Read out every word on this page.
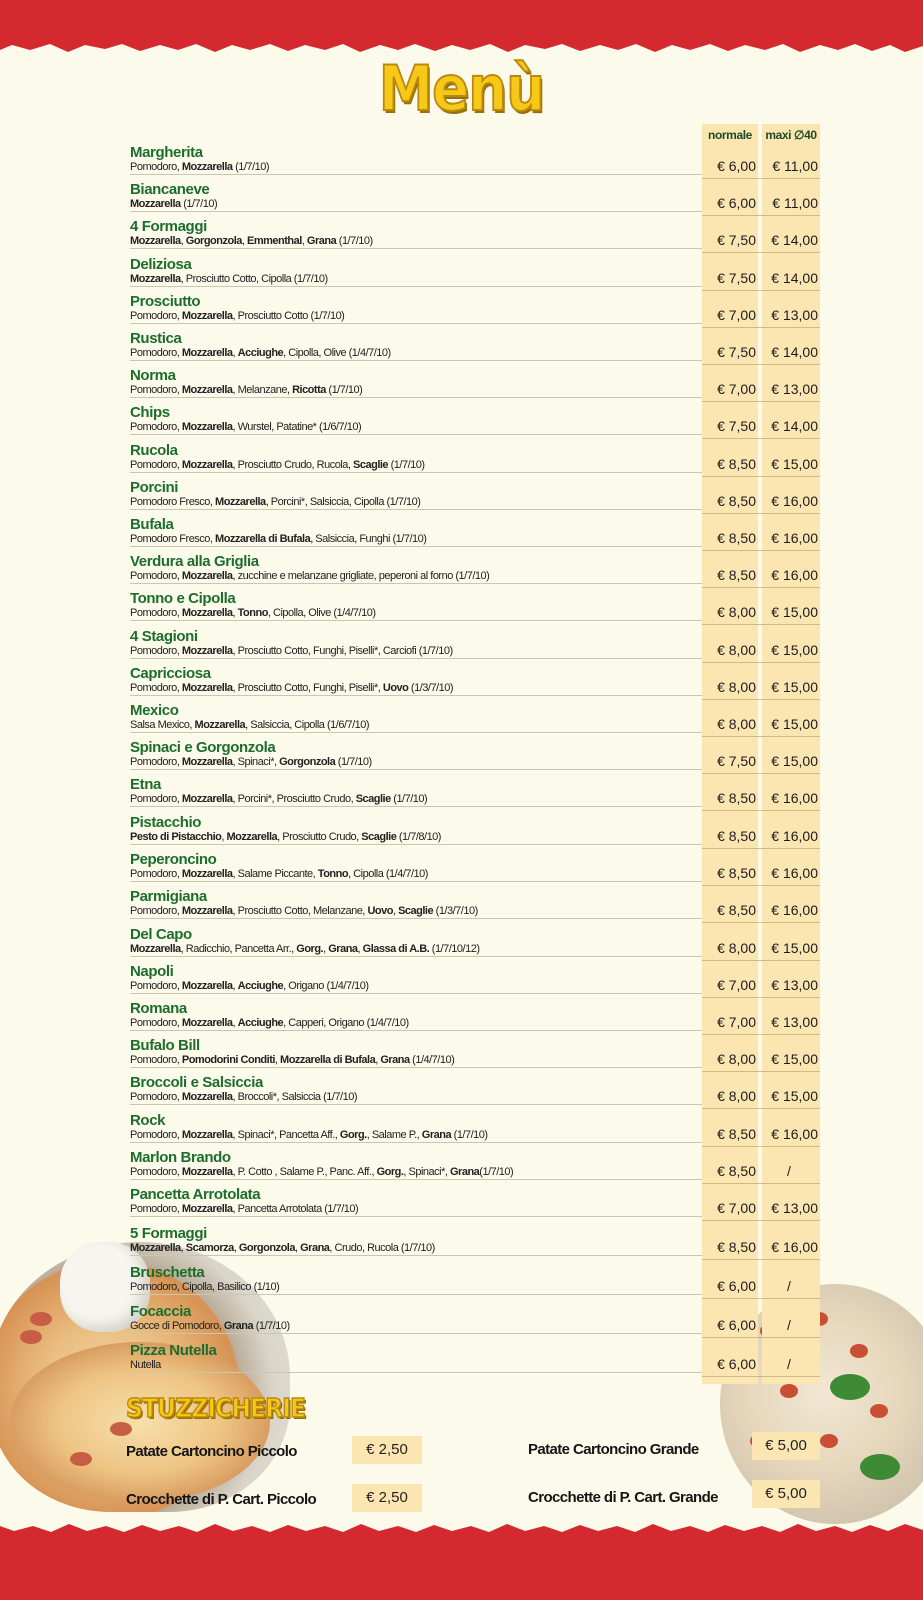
Menù
normale	maxi ∅40
Margherita
Pomodoro, Mozzarella (1/7/10)	€ 6,00	€ 11,00
Biancaneve
Mozzarella (1/7/10)	€ 6,00	€ 11,00
4 Formaggi
Mozzarella, Gorgonzola, Emmenthal, Grana (1/7/10)	€ 7,50	€ 14,00
Deliziosa
Mozzarella, Prosciutto Cotto, Cipolla (1/7/10)	€ 7,50	€ 14,00
Prosciutto
Pomodoro, Mozzarella, Prosciutto Cotto (1/7/10)	€ 7,00	€ 13,00
Rustica
Pomodoro, Mozzarella, Acciughe, Cipolla, Olive (1/4/7/10)	€ 7,50	€ 14,00
Norma
Pomodoro, Mozzarella, Melanzane, Ricotta (1/7/10)	€ 7,00	€ 13,00
Chips
Pomodoro, Mozzarella, Wurstel, Patatine* (1/6/7/10)	€ 7,50	€ 14,00
Rucola
Pomodoro, Mozzarella, Prosciutto Crudo, Rucola, Scaglie (1/7/10)	€ 8,50	€ 15,00
Porcini
Pomodoro Fresco, Mozzarella, Porcini*, Salsiccia, Cipolla (1/7/10)	€ 8,50	€ 16,00
Bufala
Pomodoro Fresco, Mozzarella di Bufala, Salsiccia, Funghi (1/7/10)	€ 8,50	€ 16,00
Verdura alla Griglia
Pomodoro, Mozzarella, zucchine e melanzane grigliate, peperoni al forno (1/7/10)	€ 8,50	€ 16,00
Tonno e Cipolla
Pomodoro, Mozzarella, Tonno, Cipolla, Olive (1/4/7/10)	€ 8,00	€ 15,00
4 Stagioni
Pomodoro, Mozzarella, Prosciutto Cotto, Funghi, Piselli*, Carciofi (1/7/10)	€ 8,00	€ 15,00
Capricciosa
Pomodoro, Mozzarella, Prosciutto Cotto, Funghi, Piselli*, Uovo (1/3/7/10)	€ 8,00	€ 15,00
Mexico
Salsa Mexico, Mozzarella, Salsiccia, Cipolla (1/6/7/10)	€ 8,00	€ 15,00
Spinaci e Gorgonzola
Pomodoro, Mozzarella, Spinaci*, Gorgonzola (1/7/10)	€ 7,50	€ 15,00
Etna
Pomodoro, Mozzarella, Porcini*, Prosciutto Crudo, Scaglie (1/7/10)	€ 8,50	€ 16,00
Pistacchio
Pesto di Pistacchio, Mozzarella, Prosciutto Crudo, Scaglie (1/7/8/10)	€ 8,50	€ 16,00
Peperoncino
Pomodoro, Mozzarella, Salame Piccante, Tonno, Cipolla (1/4/7/10)	€ 8,50	€ 16,00
Parmigiana
Pomodoro, Mozzarella, Prosciutto Cotto, Melanzane, Uovo, Scaglie (1/3/7/10)	€ 8,50	€ 16,00
Del Capo
Mozzarella, Radicchio, Pancetta Arr., Gorg., Grana, Glassa di A.B. (1/7/10/12)	€ 8,00	€ 15,00
Napoli
Pomodoro, Mozzarella, Acciughe, Origano (1/4/7/10)	€ 7,00	€ 13,00
Romana
Pomodoro, Mozzarella, Acciughe, Capperi, Origano (1/4/7/10)	€ 7,00	€ 13,00
Bufalo Bill
Pomodoro, Pomodorini Conditi, Mozzarella di Bufala, Grana (1/4/7/10)	€ 8,00	€ 15,00
Broccoli e Salsiccia
Pomodoro, Mozzarella, Broccoli*, Salsiccia (1/7/10)	€ 8,00	€ 15,00
Rock
Pomodoro, Mozzarella, Spinaci*, Pancetta Aff., Gorg., Salame P., Grana (1/7/10)	€ 8,50	€ 16,00
Marlon Brando
Pomodoro, Mozzarella, P. Cotto , Salame P., Panc. Aff., Gorg., Spinaci*, Grana(1/7/10)	€ 8,50	/
Pancetta Arrotolata
Pomodoro, Mozzarella, Pancetta Arrotolata (1/7/10)	€ 7,00	€ 13,00
5 Formaggi
Mozzarella, Scamorza, Gorgonzola, Grana, Crudo, Rucola (1/7/10)	€ 8,50	€ 16,00
Bruschetta
Pomodoro, Cipolla, Basilico (1/10)	€ 6,00	/
Focaccia
Gocce di Pomodoro, Grana (1/7/10)	€ 6,00	/
Pizza Nutella
Nutella	€ 6,00	/
STUZZICHERIE
Patate Cartoncino Piccolo	€ 2,50	Patate Cartoncino Grande	€ 5,00
Crocchette di P. Cart. Piccolo	€ 2,50	Crocchette di P. Cart. Grande	€ 5,00
